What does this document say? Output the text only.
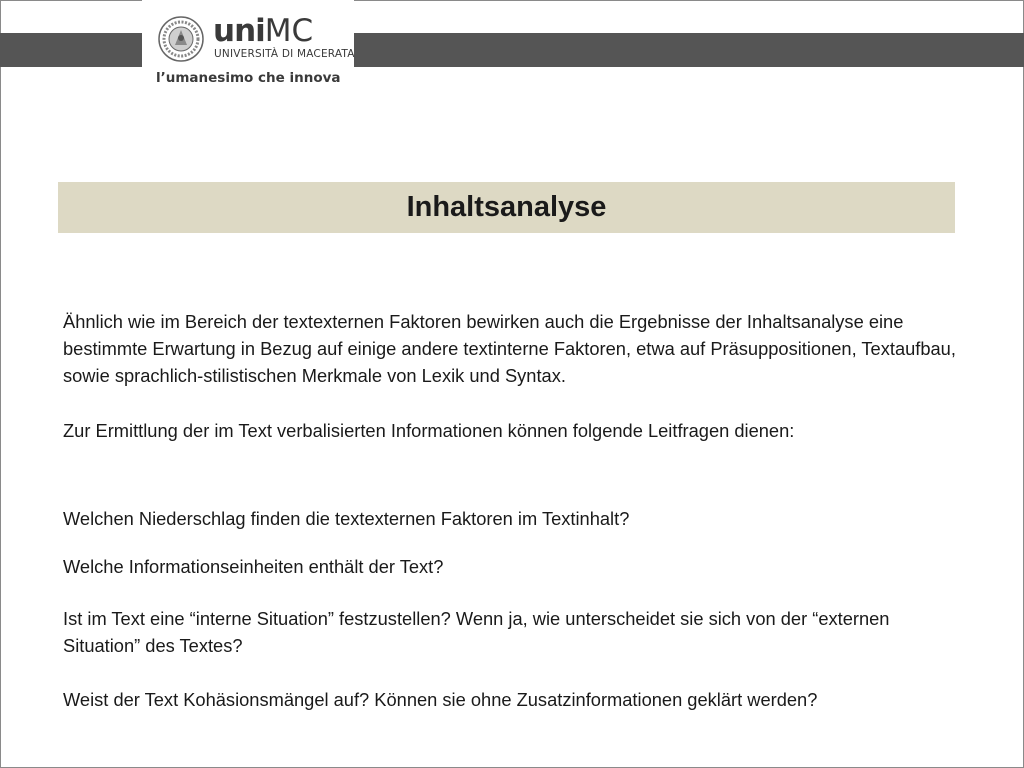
uniMC
UNIVERSITÀ DI MACERATA
l’umanesimo che innova
Inhaltsanalyse

Ähnlich wie im Bereich der textexternen Faktoren bewirken auch die Ergebnisse der Inhaltsanalyse eine bestimmte Erwartung in Bezug auf einige andere textinterne Faktoren, etwa auf Präsuppositionen, Textaufbau, sowie sprachlich-stilistischen Merkmale von Lexik und Syntax.

Zur Ermittlung der im Text verbalisierten Informationen können folgende Leitfragen dienen:

Welchen Niederschlag finden die textexternen Faktoren im Textinhalt?

Welche Informationseinheiten enthält der Text?

Ist im Text eine “interne Situation” festzustellen? Wenn ja, wie unterscheidet sie sich von der “externen Situation” des Textes?

Weist der Text Kohäsionsmängel auf? Können sie ohne Zusatzinformationen geklärt werden?
